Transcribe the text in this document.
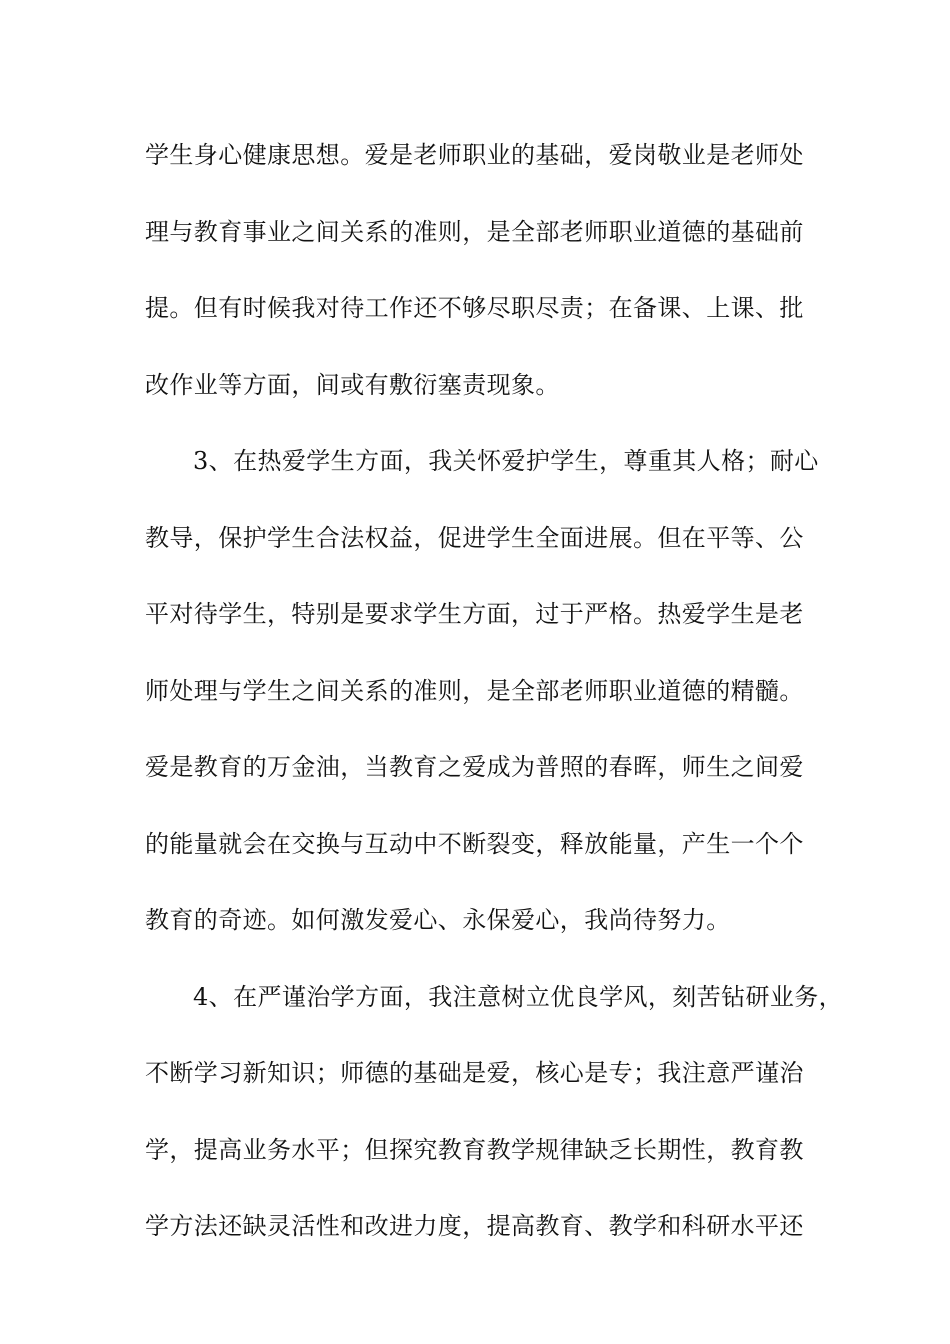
学生身心健康思想。爱是老师职业的基础，爱岗敬业是老师处
理与教育事业之间关系的准则，是全部老师职业道德的基础前
提。但有时候我对待工作还不够尽职尽责；在备课、上课、批
改作业等方面，间或有敷衍塞责现象。
3、在热爱学生方面，我关怀爱护学生，尊重其人格；耐心
教导，保护学生合法权益，促进学生全面进展。但在平等、公
平对待学生，特别是要求学生方面，过于严格。热爱学生是老
师处理与学生之间关系的准则，是全部老师职业道德的精髓。
爱是教育的万金油，当教育之爱成为普照的春晖，师生之间爱
的能量就会在交换与互动中不断裂变，释放能量，产生一个个
教育的奇迹。如何激发爱心、永保爱心，我尚待努力。
4、在严谨治学方面，我注意树立优良学风，刻苦钻研业务，
不断学习新知识；师德的基础是爱，核心是专；我注意严谨治
学，提高业务水平；但探究教育教学规律缺乏长期性，教育教
学方法还缺灵活性和改进力度，提高教育、教学和科研水平还
